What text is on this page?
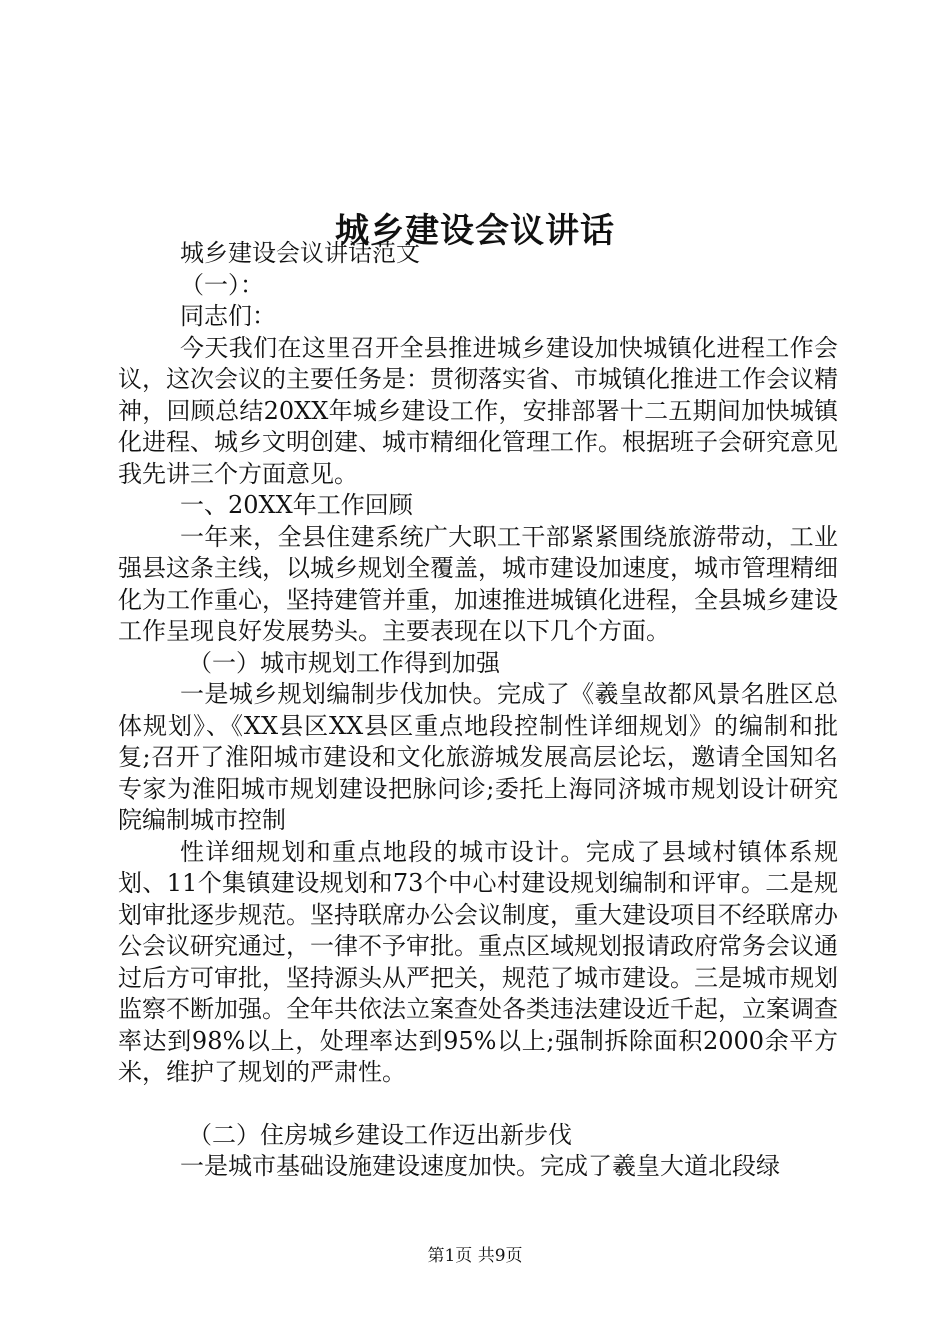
城乡建设会议讲话

城乡建设会议讲话范文

（一）：

同志们：

今天我们在这里召开全县推进城乡建设加快城镇化进程工作会议，这次会议的主要任务是：贯彻落实省、市城镇化推进工作会议精神，回顾总结20XX年城乡建设工作，安排部署十二五期间加快城镇化进程、城乡文明创建、城市精细化管理工作。根据班子会研究意见我先讲三个方面意见。

一、20XX年工作回顾

一年来，全县住建系统广大职工干部紧紧围绕旅游带动，工业强县这条主线，以城乡规划全覆盖，城市建设加速度，城市管理精细化为工作重心，坚持建管并重，加速推进城镇化进程，全县城乡建设工作呈现良好发展势头。主要表现在以下几个方面。

（一）城市规划工作得到加强

一是城乡规划编制步伐加快。完成了《羲皇故都风景名胜区总体规划》、《XX县区XX县区重点地段控制性详细规划》的编制和批复;召开了淮阳城市建设和文化旅游城发展高层论坛，邀请全国知名专家为淮阳城市规划建设把脉问诊;委托上海同济城市规划设计研究院编制城市控制

性详细规划和重点地段的城市设计。完成了县域村镇体系规划、11个集镇建设规划和73个中心村建设规划编制和评审。二是规划审批逐步规范。坚持联席办公会议制度，重大建设项目不经联席办公会议研究通过，一律不予审批。重点区域规划报请政府常务会议通过后方可审批，坚持源头从严把关，规范了城市建设。三是城市规划监察不断加强。全年共依法立案查处各类违法建设近千起，立案调查率达到98%以上，处理率达到95%以上;强制拆除面积2000余平方米，维护了规划的严肃性。

（二）住房城乡建设工作迈出新步伐

一是城市基础设施建设速度加快。完成了羲皇大道北段绿

第1页 共9页
